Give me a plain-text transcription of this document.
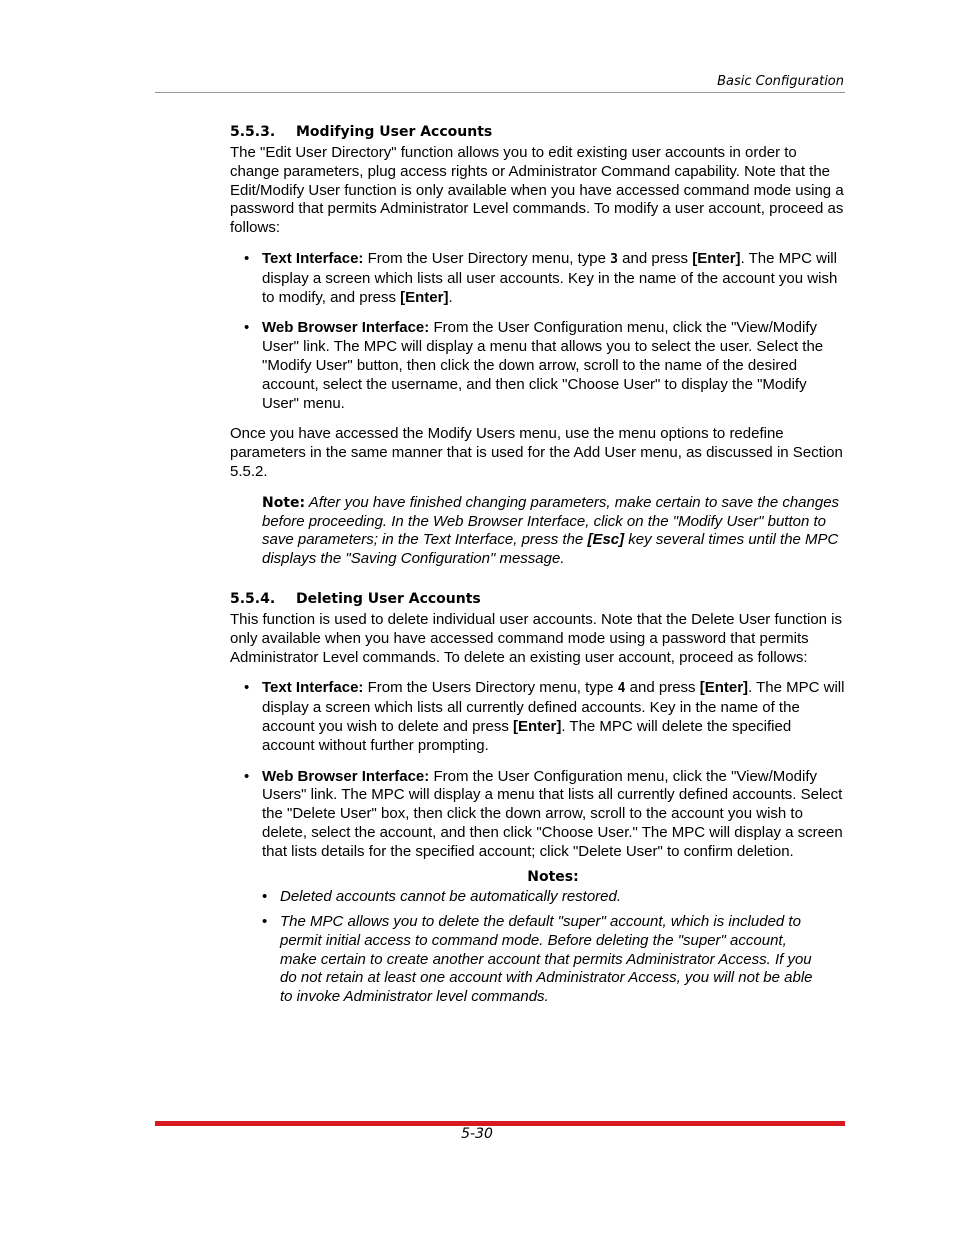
Basic Configuration
5.5.3. Modifying User Accounts

The "Edit User Directory" function allows you to edit existing user accounts in order to change parameters, plug access rights or Administrator Command capability. Note that the Edit/Modify User function is only available when you have accessed command mode using a password that permits Administrator Level commands. To modify a user account, proceed as follows:

• Text Interface: From the User Directory menu, type 3 and press [Enter]. The MPC will display a screen which lists all user accounts. Key in the name of the account you wish to modify, and press [Enter].
• Web Browser Interface: From the User Configuration menu, click the "View/Modify User" link. The MPC will display a menu that allows you to select the user. Select the "Modify User" button, then click the down arrow, scroll to the name of the desired account, select the username, and then click "Choose User" to display the "Modify User" menu.

Once you have accessed the Modify Users menu, use the menu options to redefine parameters in the same manner that is used for the Add User menu, as discussed in Section 5.5.2.

Note: After you have finished changing parameters, make certain to save the changes before proceeding. In the Web Browser Interface, click on the "Modify User" button to save parameters; in the Text Interface, press the [Esc] key several times until the MPC displays the "Saving Configuration" message.

5.5.4. Deleting User Accounts

This function is used to delete individual user accounts. Note that the Delete User function is only available when you have accessed command mode using a password that permits Administrator Level commands. To delete an existing user account, proceed as follows:

• Text Interface: From the Users Directory menu, type 4 and press [Enter]. The MPC will display a screen which lists all currently defined accounts. Key in the name of the account you wish to delete and press [Enter]. The MPC will delete the specified account without further prompting.
• Web Browser Interface: From the User Configuration menu, click the "View/Modify Users" link. The MPC will display a menu that lists all currently defined accounts. Select the "Delete User" box, then click the down arrow, scroll to the account you wish to delete, select the account, and then click "Choose User." The MPC will display a screen that lists details for the specified account; click "Delete User" to confirm deletion.
Notes:
• Deleted accounts cannot be automatically restored.
• The MPC allows you to delete the default "super" account, which is included to permit initial access to command mode. Before deleting the "super" account, make certain to create another account that permits Administrator Access. If you do not retain at least one account with Administrator Access, you will not be able to invoke Administrator level commands.
5-30
